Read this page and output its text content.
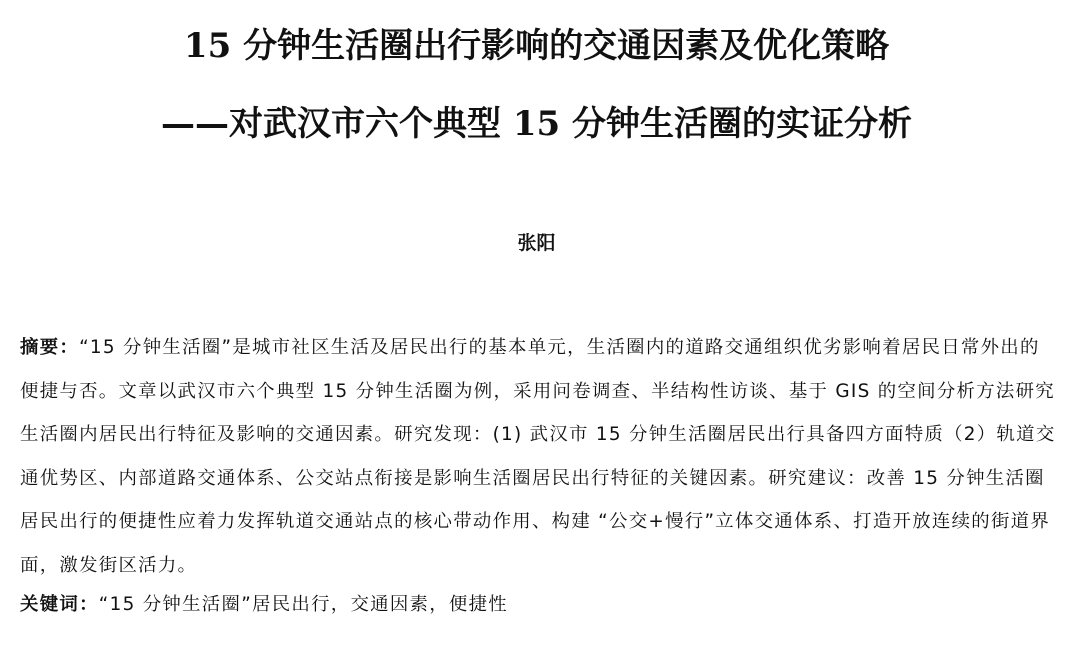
15 分钟生活圈出行影响的交通因素及优化策略
——对武汉市六个典型 15 分钟生活圈的实证分析
张阳

摘要：“15 分钟生活圈”是城市社区生活及居民出行的基本单元，生活圈内的道路交通组织优劣影响着居民日常外出的便捷与否。文章以武汉市六个典型 15 分钟生活圈为例，采用问卷调查、半结构性访谈、基于 GIS 的空间分析方法研究生活圈内居民出行特征及影响的交通因素。研究发现：(1) 武汉市 15 分钟生活圈居民出行具备四方面特质（2）轨道交通优势区、内部道路交通体系、公交站点衔接是影响生活圈居民出行特征的关键因素。研究建议：改善 15 分钟生活圈居民出行的便捷性应着力发挥轨道交通站点的核心带动作用、构建 “公交+慢行”立体交通体系、打造开放连续的街道界面，激发街区活力。

关键词：“15 分钟生活圈”居民出行，交通因素，便捷性
